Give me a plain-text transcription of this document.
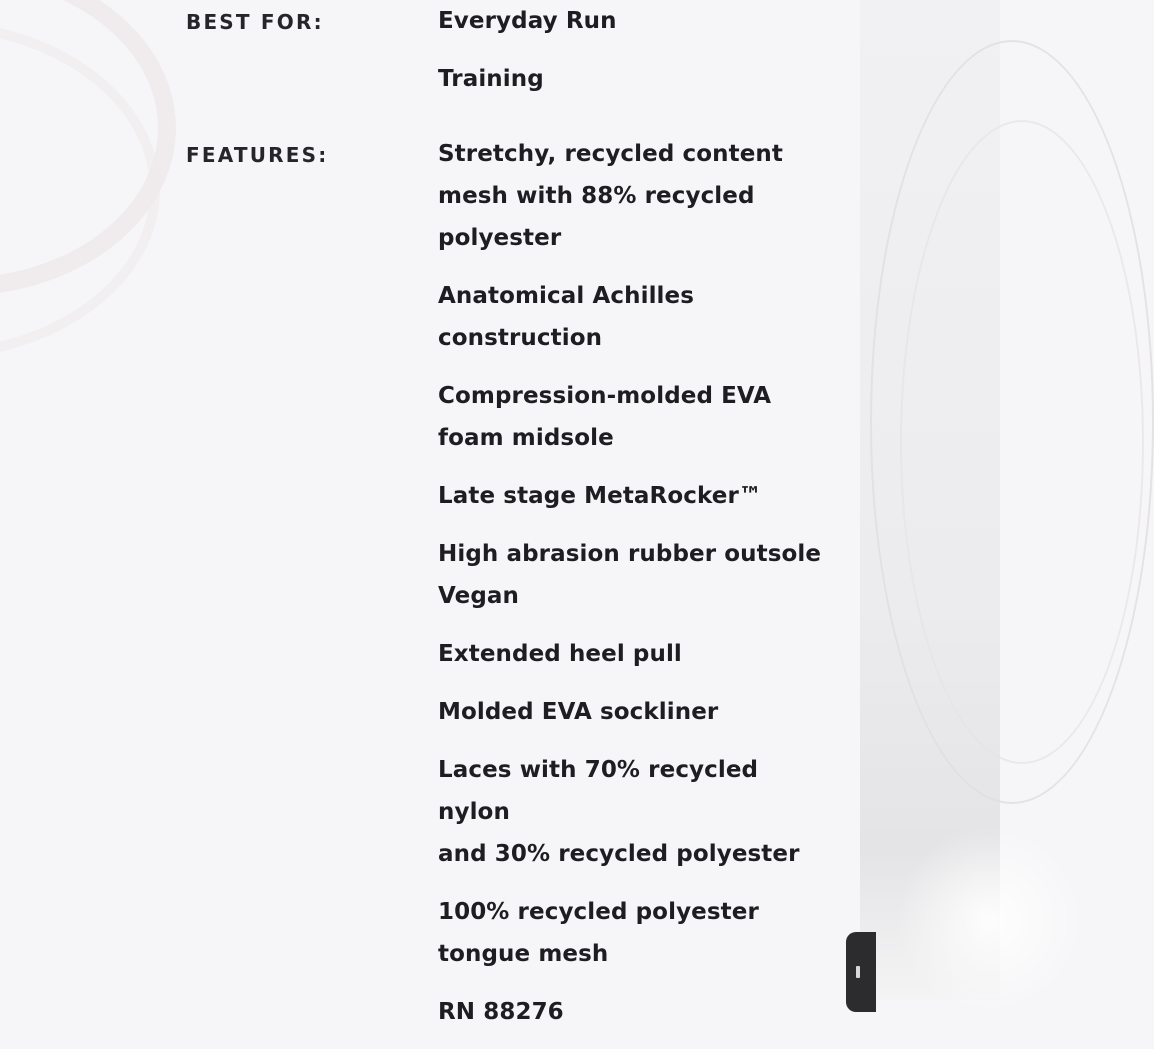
BEST FOR:	Everyday Run
Training
FEATURES:	Stretchy, recycled content
mesh with 88% recycled
polyester
Anatomical Achilles
construction
Compression-molded EVA
foam midsole
Late stage MetaRocker™
High abrasion rubber outsole
Vegan
Extended heel pull
Molded EVA sockliner
Laces with 70% recycled nylon
and 30% recycled polyester
100% recycled polyester
tongue mesh
RN 88276
